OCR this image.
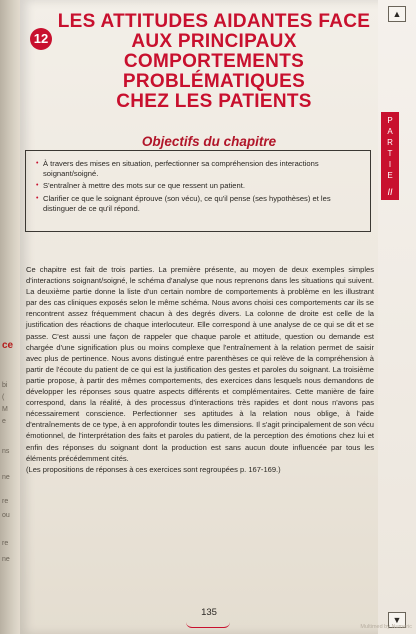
ce
bi
(
M
e
ns
ne
re
ou
re
ne
12
LES ATTITUDES AIDANTES FACE
AUX PRINCIPAUX COMPORTEMENTS
PROBLÉMATIQUES
CHEZ LES PATIENTS
Objectifs du chapitre
• À travers des mises en situation, perfectionner sa compréhension des interactions soignant/soigné.
• S'entraîner à mettre des mots sur ce que ressent un patient.
• Clarifier ce que le soignant éprouve (son vécu), ce qu'il pense (ses hypothèses) et les distinguer de ce qu'il répond.

Ce chapitre est fait de trois parties. La première présente, au moyen de deux exemples simples d'interactions soignant/soigné, le schéma d'analyse que nous reprenons dans les situations qui suivent. La deuxième partie donne la liste d'un certain nombre de comportements à problème en les illustrant par des cas cliniques exposés selon le même schéma. Nous avons choisi ces comportements car ils se rencontrent assez fréquemment chacun à des degrés divers. La colonne de droite est celle de la justification des réactions de chaque interlocuteur. Elle correspond à une analyse de ce qui se dit et se passe. C'est aussi une façon de rappeler que chaque parole et attitude, question ou demande est chargée d'une signification plus ou moins complexe que l'entraînement à la relation permet de saisir avec plus de pertinence. Nous avons distingué entre parenthèses ce qui relève de la compréhension à partir de l'écoute du patient de ce qui est la justification des gestes et paroles du soignant. La troisième partie propose, à partir des mêmes comportements, des exercices dans lesquels nous demandons de développer les réponses sous quatre aspects différents et complémentaires. Cette manière de faire correspond, dans la réalité, à des processus d'interactions très rapides et dont nous n'avons pas nécessairement conscience. Perfectionner ses aptitudes à la relation nous oblige, à l'aide d'entraînements de ce type, à en approfondir toutes les dimensions. Il s'agit principalement de son vécu émotionnel, de l'interprétation des faits et paroles du patient, de la perception des émotions chez lui et enfin des réponses du soignant dont la production est sans aucun doute influencée par tous les éléments précédemment cités.
(Les propositions de réponses à ces exercices sont regroupées p. 167-169.)

135
▲
P
A
R
T
I
E
II
▼
Multimed by Numeric
